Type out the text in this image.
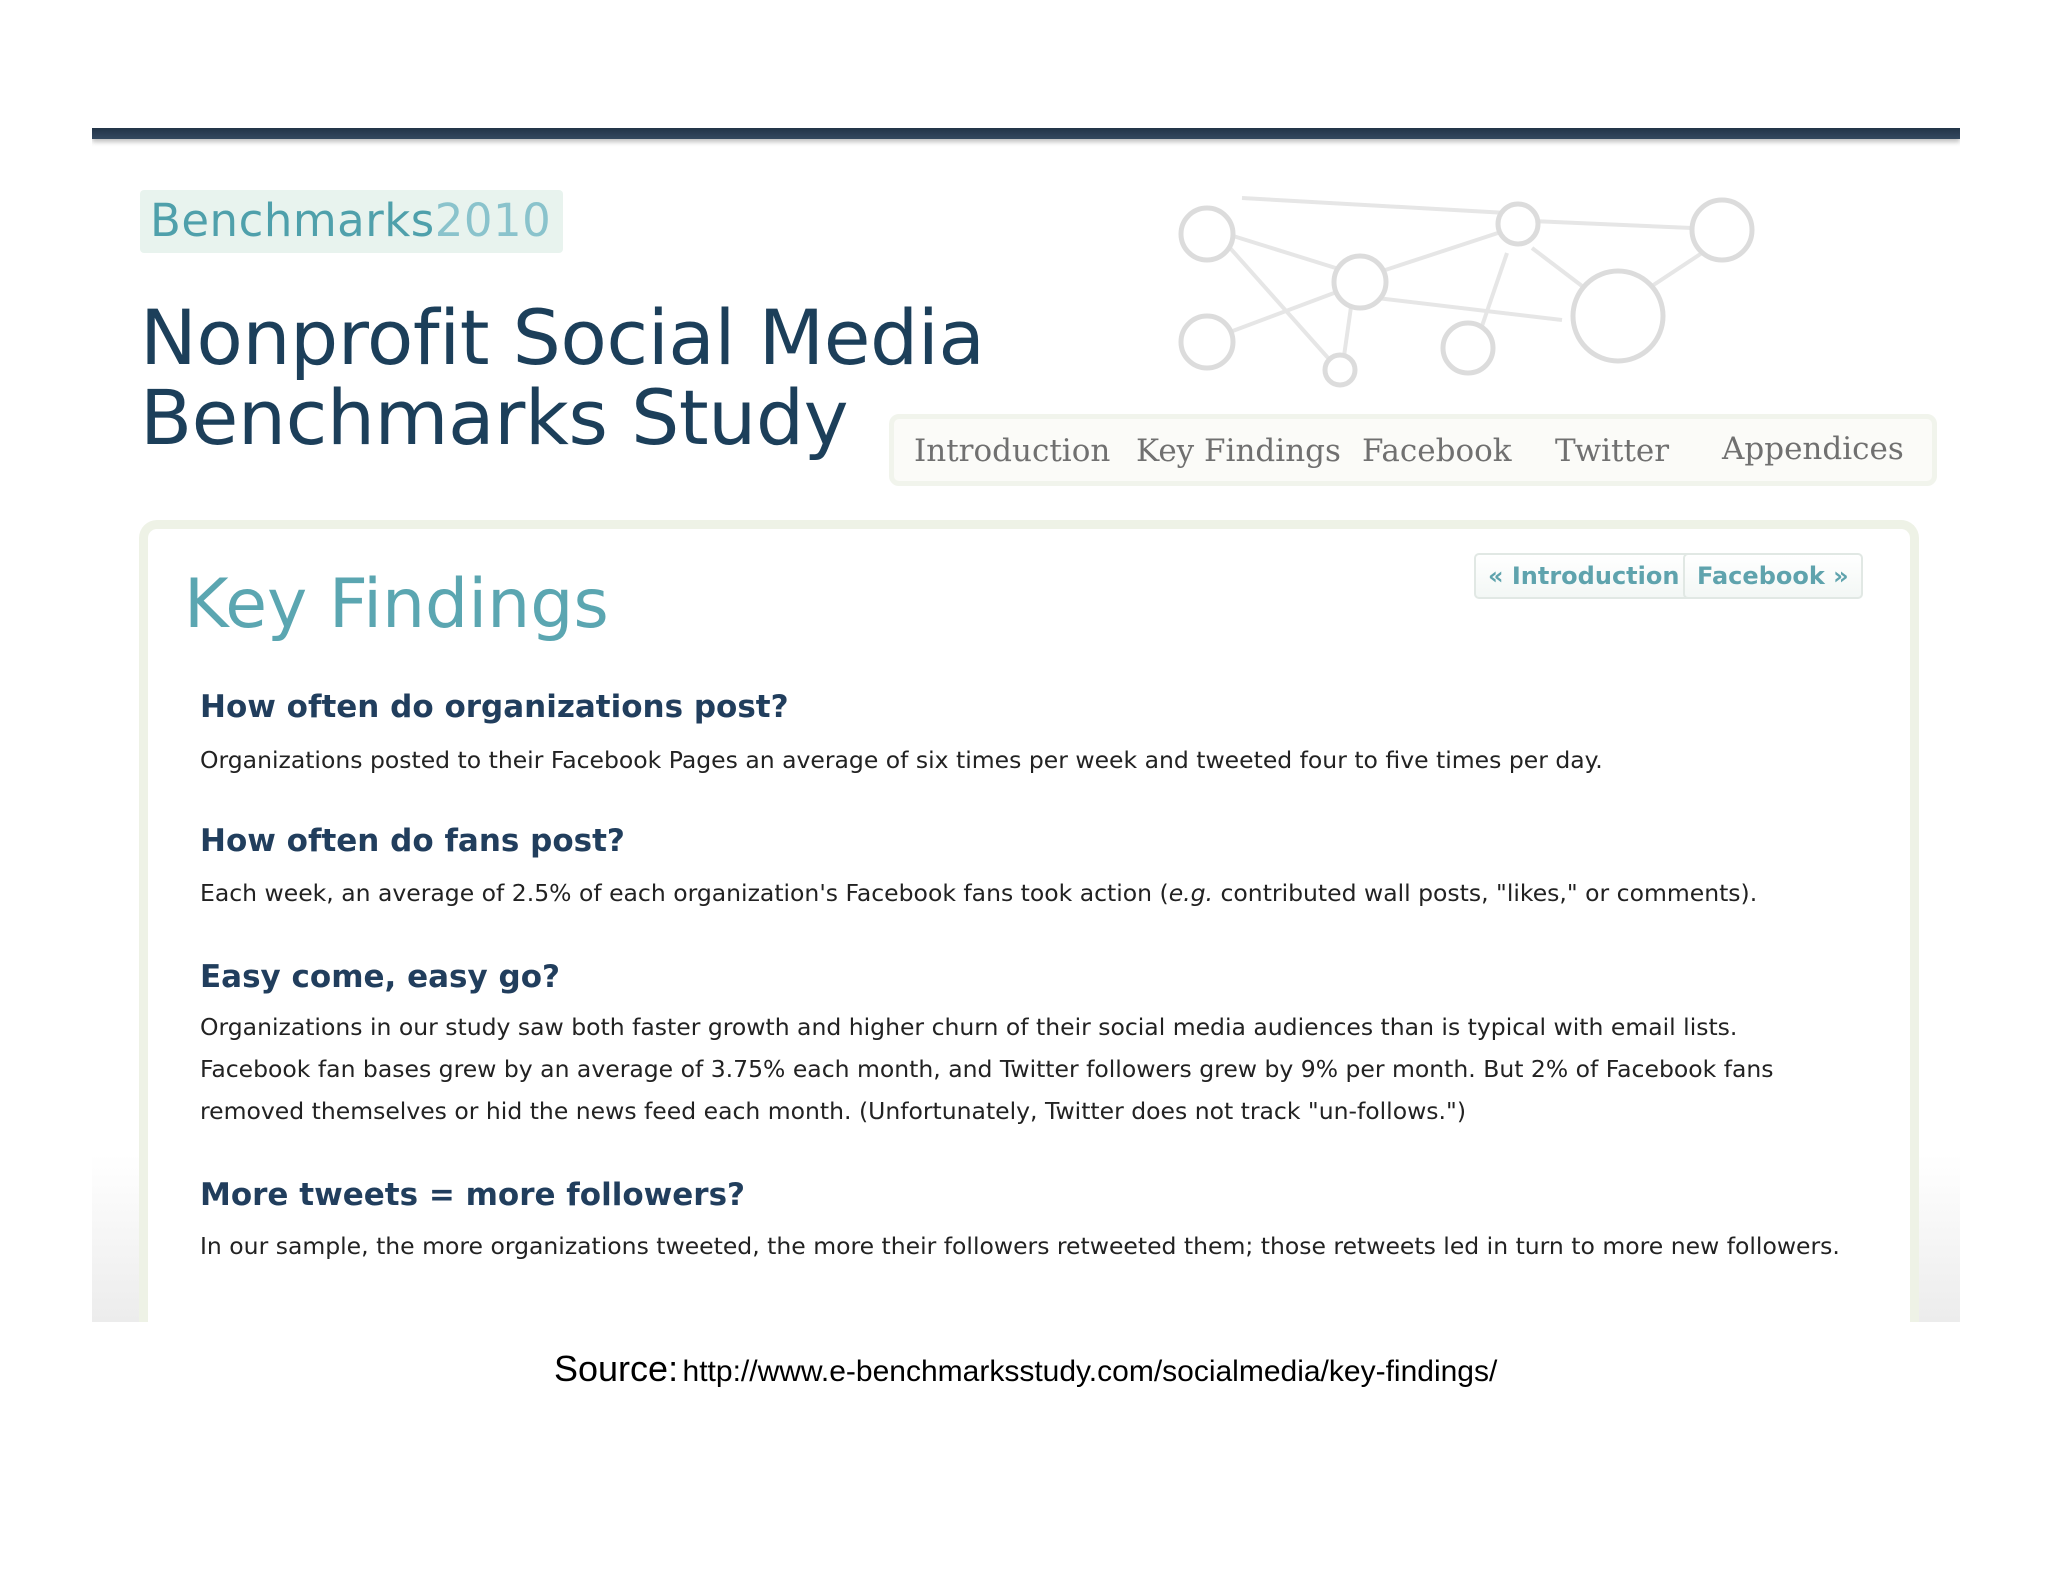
Benchmarks2010
Nonprofit Social Media
Benchmarks Study	Introduction Key Findings Facebook Twitter Appendices
Key Findings	« Introduction Facebook »
How often do organizations post?

Organizations posted to their Facebook Pages an average of six times per week and tweeted four to five times per day.

How often do fans post?

Each week, an average of 2.5% of each organization's Facebook fans took action (e.g. contributed wall posts, "likes," or comments).

Easy come, easy go?

Organizations in our study saw both faster growth and higher churn of their social media audiences than is typical with email lists. Facebook fan bases grew by an average of 3.75% each month, and Twitter followers grew by 9% per month. But 2% of Facebook fans removed themselves or hid the news feed each month. (Unfortunately, Twitter does not track "un-follows.")

More tweets = more followers?

In our sample, the more organizations tweeted, the more their followers retweeted them; those retweets led in turn to more new followers.

Source: http://www.e-benchmarksstudy.com/socialmedia/key-findings/
